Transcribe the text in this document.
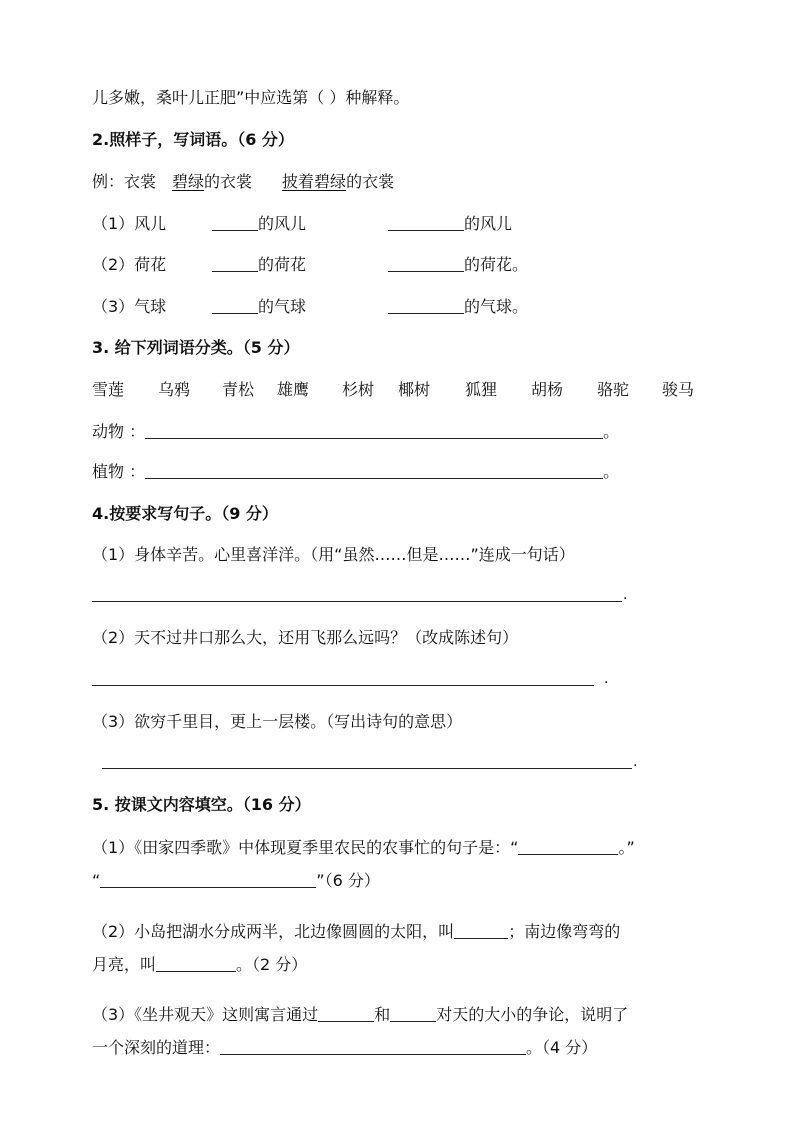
儿多嫩，桑叶儿正肥”中应选第（ ）种解释。
2.照样子，写词语。（6 分）
例：衣裳 碧绿的衣裳 披着碧绿的衣裳
（1）风儿	的风儿	的风儿
（2）荷花	的荷花	的荷花。
（3）气球	的气球	的气球。
3. 给下列词语分类。（5 分）
雪莲 乌鸦 青松 雄鹰 杉树 椰树 狐狸 胡杨 骆驼 骏马
动物 ：	。
植物 ：	。
4.按要求写句子。（9 分）
（1）身体辛苦。心里喜洋洋。（用“虽然……但是……”连成一句话）
.
（2）天不过井口那么大，还用飞那么远吗？（改成陈述句）
.
（3）欲穷千里目，更上一层楼。（写出诗句的意思）
.
5. 按课文内容填空。（16 分）
（1）《田家四季歌》中体现夏季里农民的农事忙的句子是：“	。”
“	”（6 分）
（2）小岛把湖水分成两半，北边像圆圆的太阳，叫	；南边像弯弯的
月亮，叫	。（2 分）
（3）《坐井观天》这则寓言通过	和	对天的大小的争论，说明了
一个深刻的道理：	。（4 分）
